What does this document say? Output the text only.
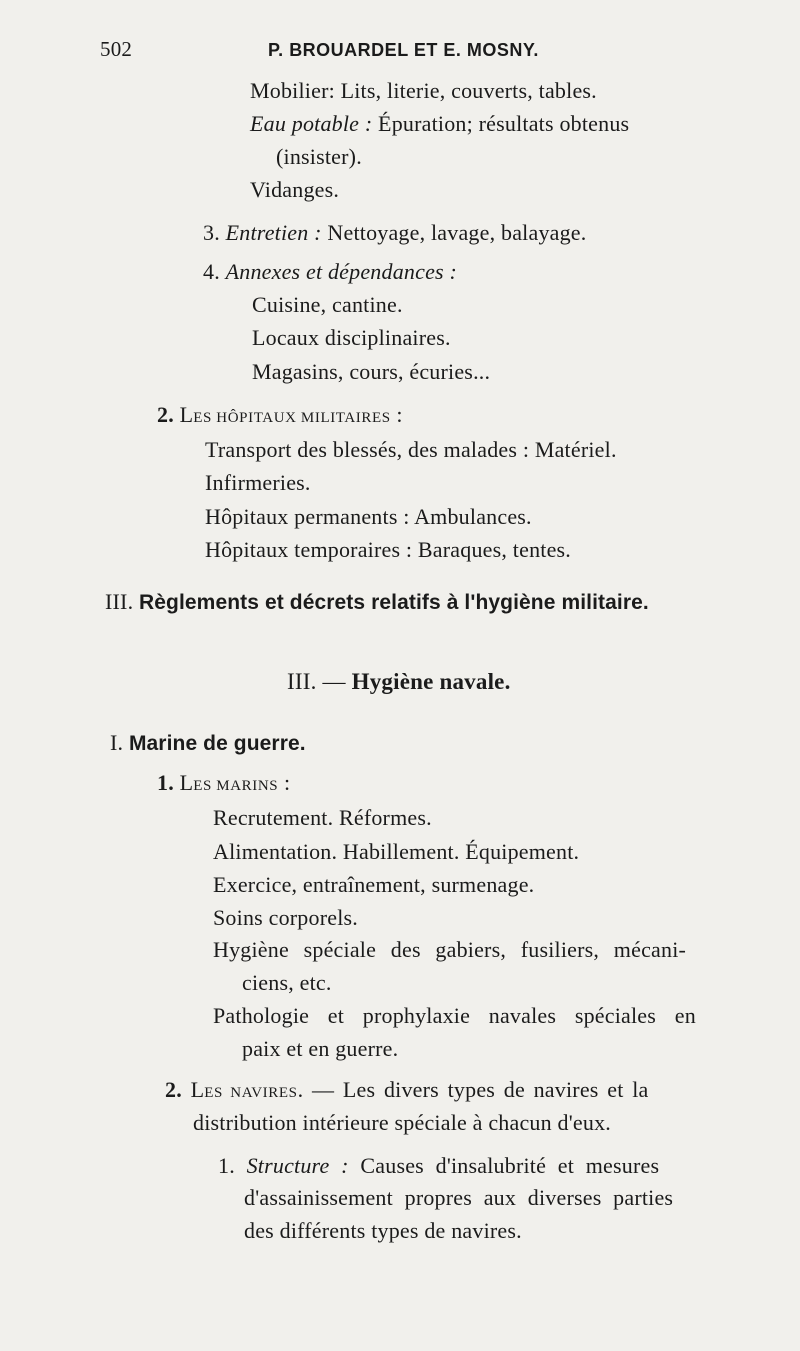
502	P. BROUARDEL ET E. MOSNY.
Mobilier: Lits, literie, couverts, tables.
Eau potable : Épuration; résultats obtenus
(insister).
Vidanges.
3. Entretien : Nettoyage, lavage, balayage.
4. Annexes et dépendances :
Cuisine, cantine.
Locaux disciplinaires.
Magasins, cours, écuries...
2. LES HÔPITAUX MILITAIRES :
Transport des blessés, des malades : Matériel.
Infirmeries.
Hôpitaux permanents : Ambulances.
Hôpitaux temporaires : Baraques, tentes.
III. Règlements et décrets relatifs à l'hygiène militaire.
III. — Hygiène navale.
I. Marine de guerre.
1. LES MARINS :
Recrutement. Réformes.
Alimentation. Habillement. Équipement.
Exercice, entraînement, surmenage.
Soins corporels.
Hygiène spéciale des gabiers, fusiliers, mécani-
ciens, etc.
Pathologie et prophylaxie navales spéciales en
paix et en guerre.
2. LES NAVIRES. — Les divers types de navires et la
distribution intérieure spéciale à chacun d'eux.
1. Structure : Causes d'insalubrité et mesures
d'assainissement propres aux diverses parties
des différents types de navires.
